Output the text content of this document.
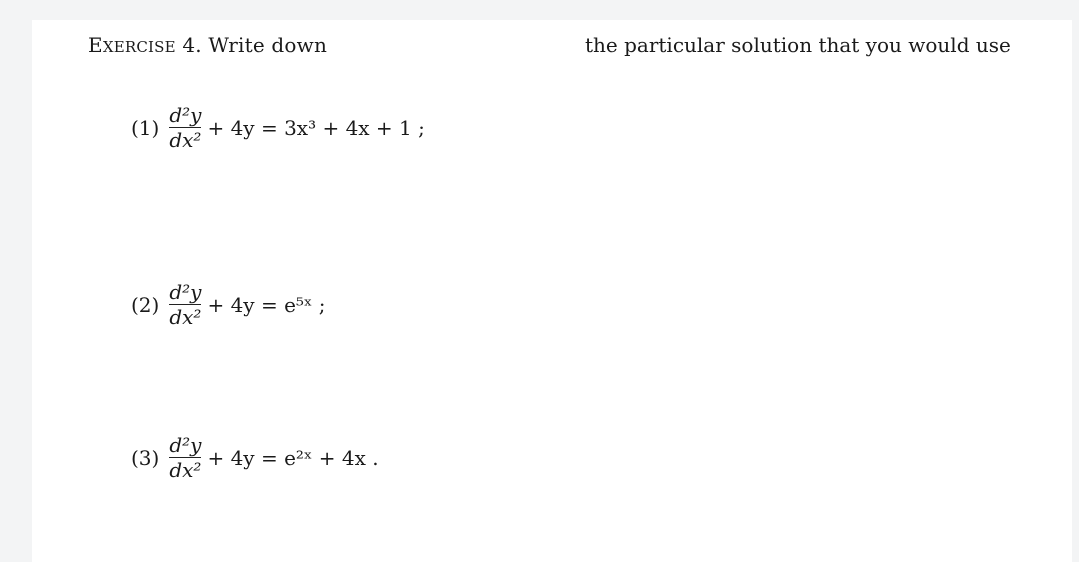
EXERCISE 4. Write down	the particular solution that you would use
$(1) \frac{\text{d²y}}{\text{dx²}} + 4y = 3x^3 + 4x + 1$ ;
$(2) \frac{\text{d²y}}{\text{dx²}} + 4y$ = e⁵ˣ ;
$(3) \frac{\text{d²y}}{\text{dx²}} + 4y$ = e²ˣ + 4x .
